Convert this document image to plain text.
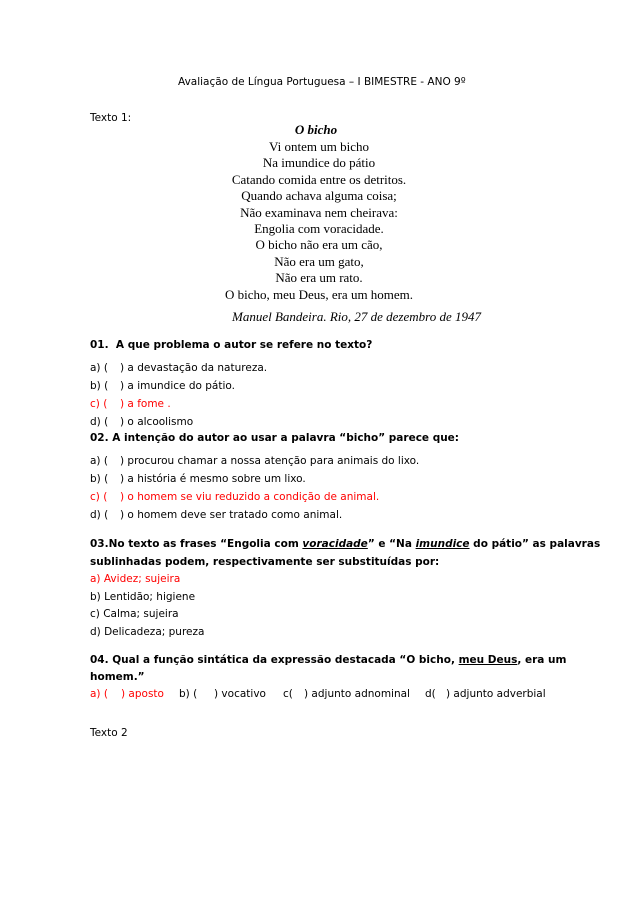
Avaliação de Língua Portuguesa – I BIMESTRE - ANO 9º
Texto 1:
O bicho
Vi ontem um bicho
Na imundice do pátio
Catando comida entre os detritos.
Quando achava alguma coisa;
Não examinava nem cheirava:
Engolia com voracidade.
O bicho não era um cão,
Não era um gato,
Não era um rato.
O bicho, meu Deus, era um homem.
Manuel Bandeira. Rio, 27 de dezembro de 1947
01. A que problema o autor se refere no texto?
a) ( ) a devastação da natureza.
b) ( ) a imundice do pátio.
c) ( ) a fome .
d) ( ) o alcoolismo
02. A intenção do autor ao usar a palavra “bicho” parece que:
a) ( ) procurou chamar a nossa atenção para animais do lixo.
b) ( ) a história é mesmo sobre um lixo.
c) ( ) o homem se viu reduzido a condição de animal.
d) ( ) o homem deve ser tratado como animal.
03.No texto as frases “Engolia com voracidade” e “Na imundice do pátio” as palavras
sublinhadas podem, respectivamente ser substituídas por:
a) Avidez; sujeira
b) Lentidão; higiene
c) Calma; sujeira
d) Delicadeza; pureza
04. Qual a função sintática da expressão destacada “O bicho, meu Deus, era um
homem.”
a) ( ) aposto b) ( ) vocativo c( ) adjunto adnominal d( ) adjunto adverbial
Texto 2
